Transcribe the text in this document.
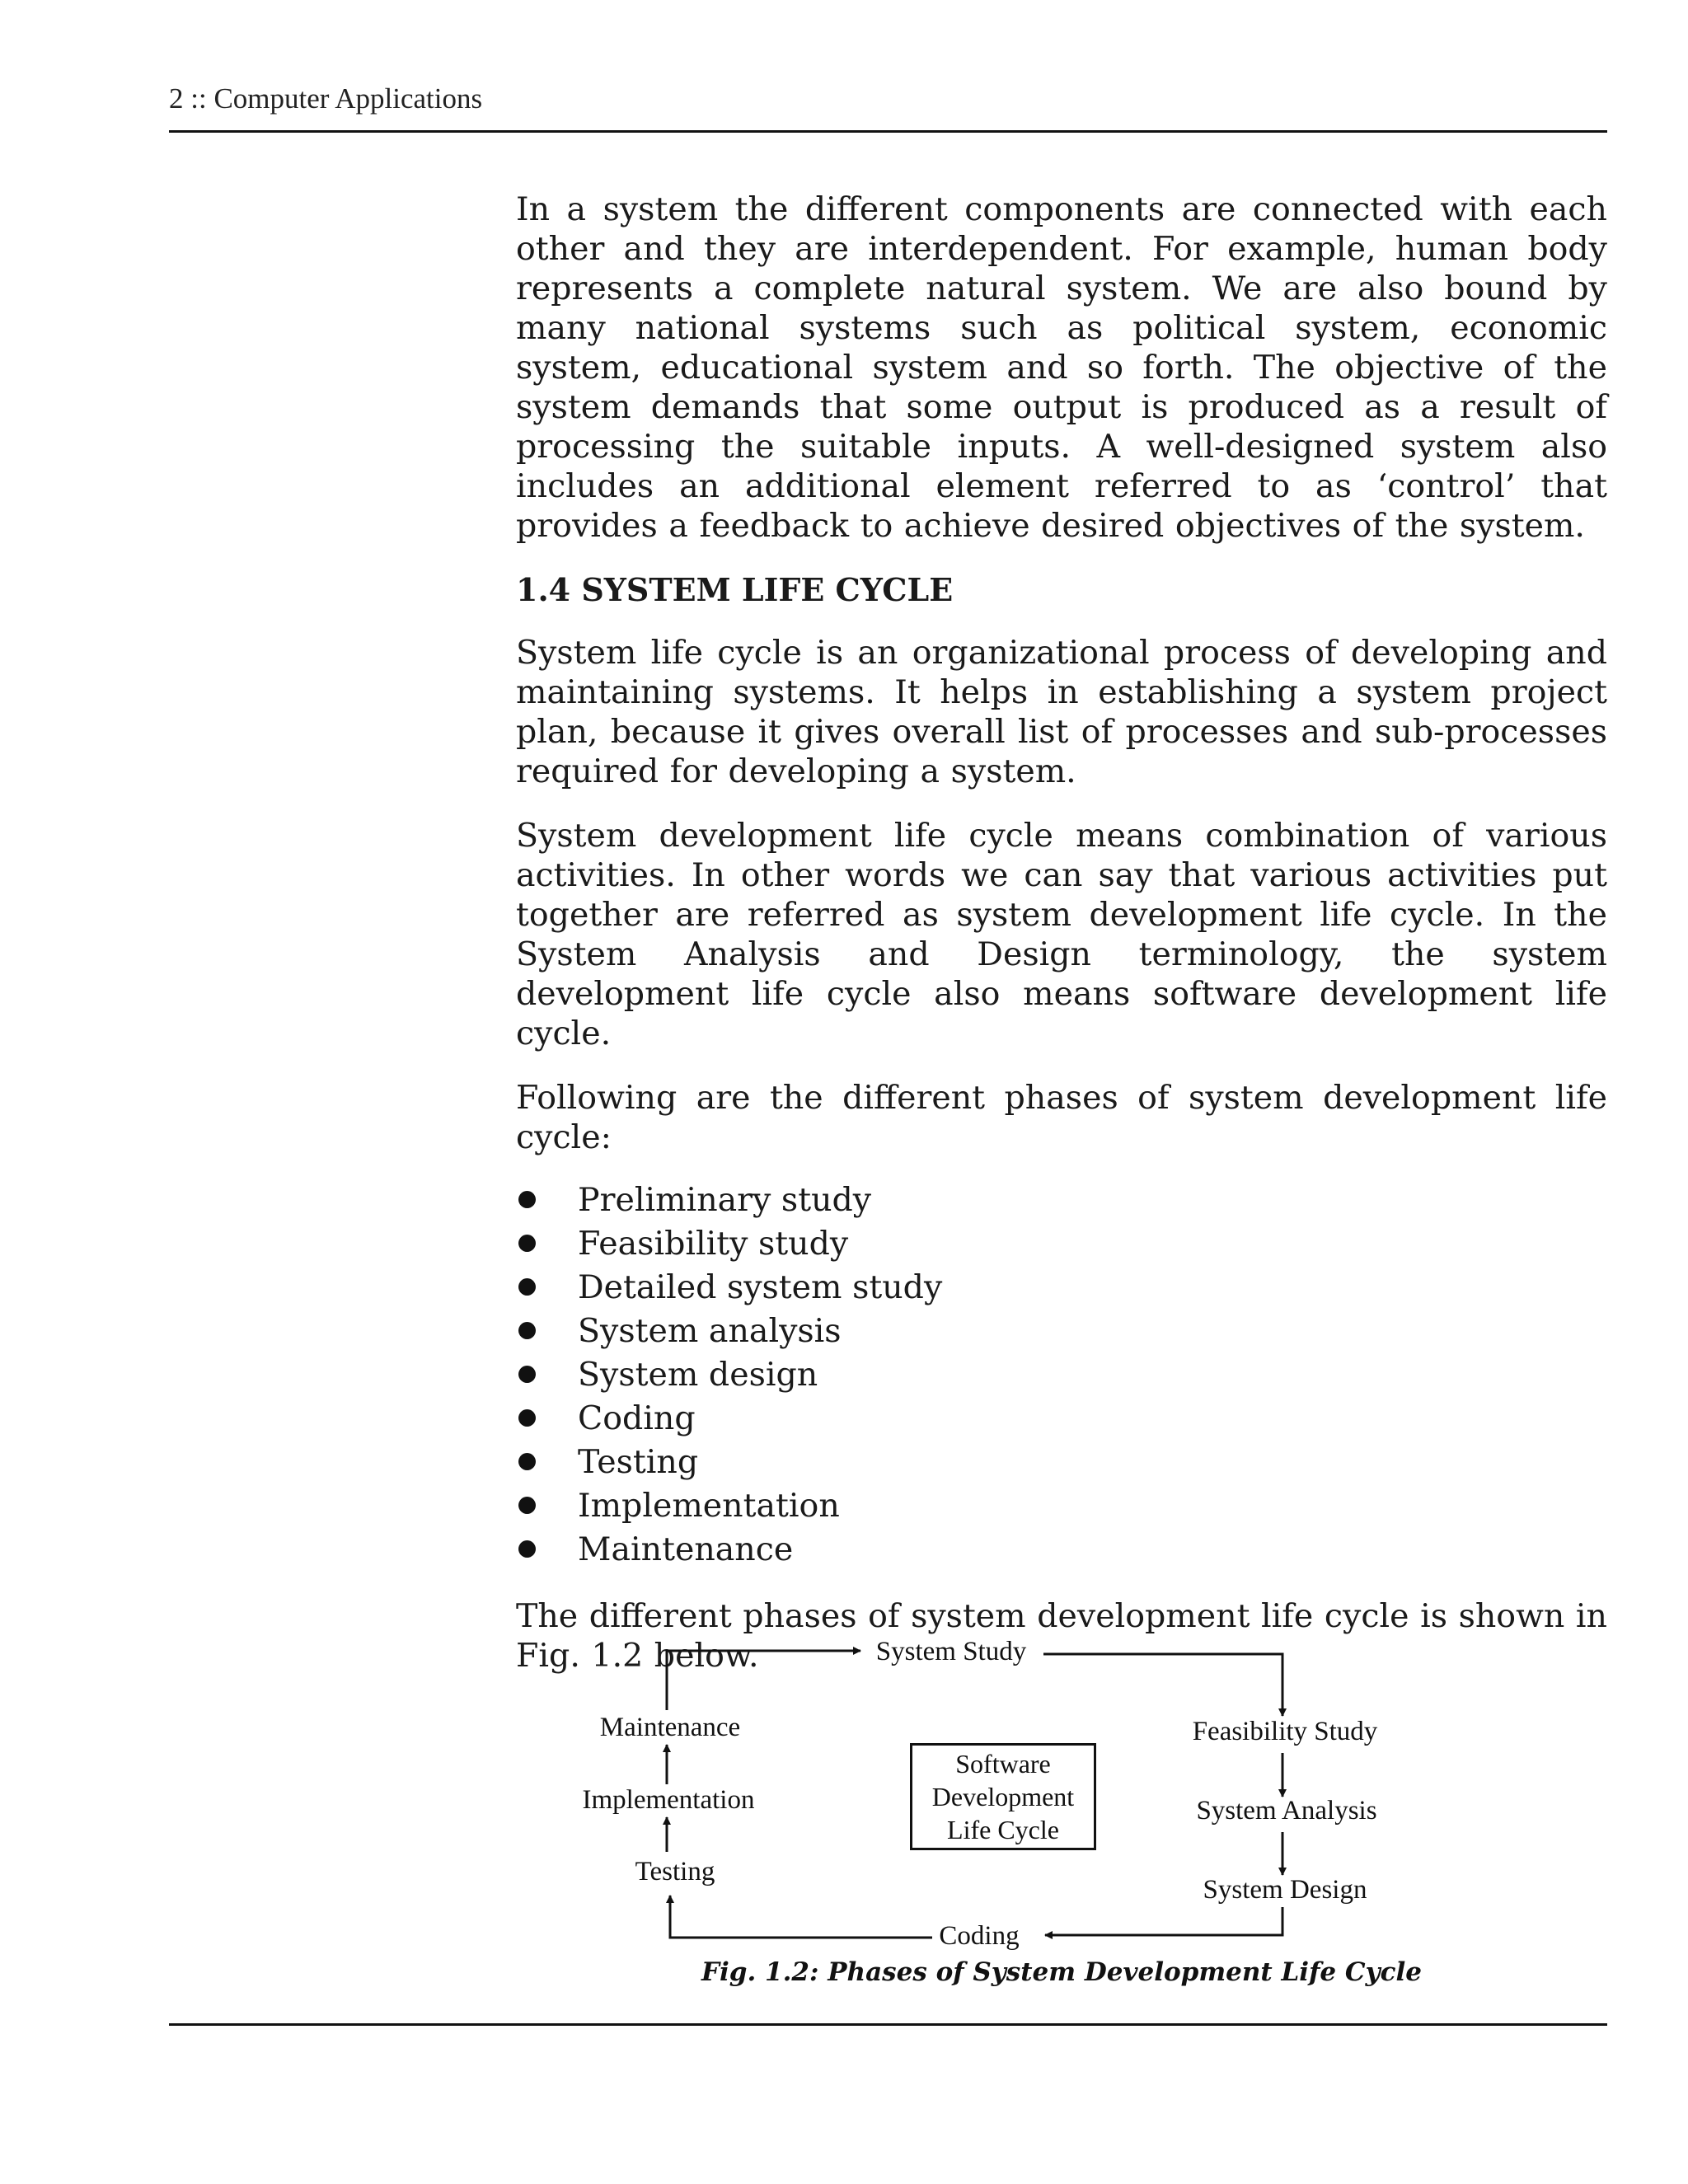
2 :: Computer Applications

In a system the different components are connected with each other and they are interdependent. For example, human body represents a complete natural system. We are also bound by many national systems such as political system, economic system, educational system and so forth. The objective of the system demands that some output is produced as a result of processing the suitable inputs. A well-designed system also includes an additional element referred to as ‘control’ that provides a feedback to achieve desired objectives of the system.

1.4 SYSTEM LIFE CYCLE

System life cycle is an organizational process of developing and maintaining systems. It helps in establishing a system project plan, because it gives overall list of processes and sub-processes required for developing a system.

System development life cycle means combination of various activities. In other words we can say that various activities put together are referred as system development life cycle. In the System Analysis and Design terminology, the system development life cycle also means software development life cycle.

Following are the different phases of system development life cycle:

Preliminary study
Feasibility study
Detailed system study
System analysis
System design
Coding
Testing
Implementation
Maintenance

The different phases of system development life cycle is shown in Fig. 1.2 below.	System Study
Feasibility Study
System Analysis
System Design
Coding
Testing
Implementation
Maintenance
Software
Development
Life Cycle
Fig. 1.2: Phases of System Development Life Cycle
